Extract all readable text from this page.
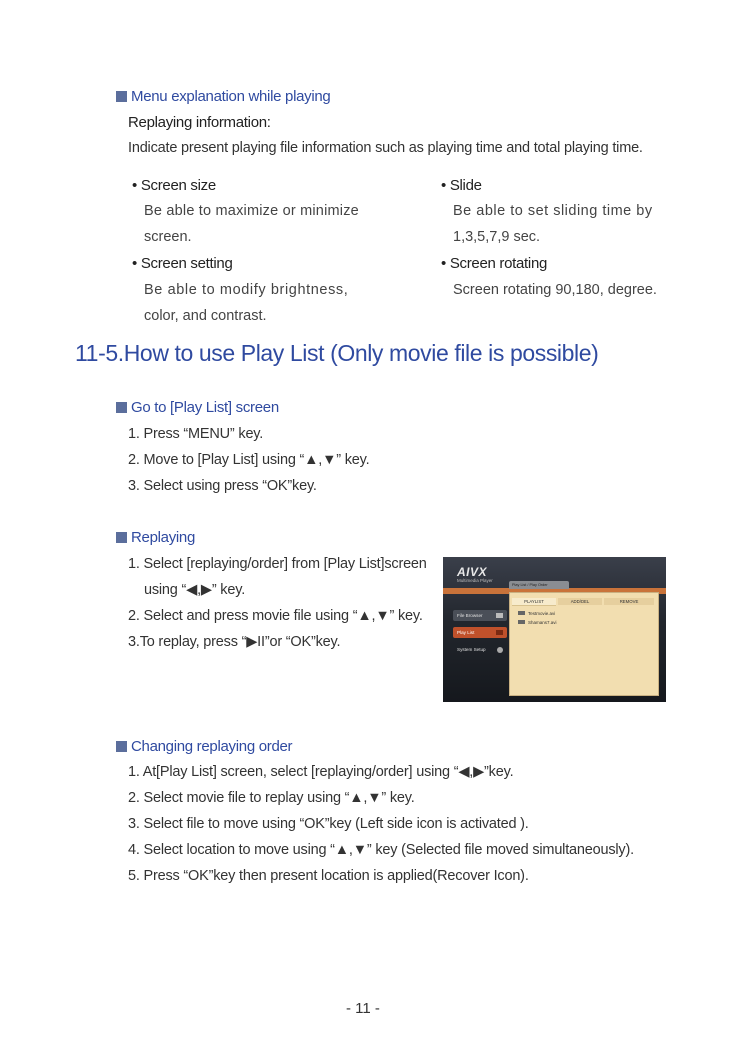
Menu explanation while playing
Replaying information:
Indicate present playing file information such as playing time and total playing time.
• Screen size
Be able to maximize or minimize
screen.
• Screen setting
Be able to modify brightness,
color, and contrast.
• Slide
Be able to set sliding time by
1,3,5,7,9 sec.
• Screen rotating
Screen rotating 90,180, degree.
11-5.How to use Play List (Only movie file is possible)
Go to [Play List] screen
1. Press “MENU” key.
2. Move to [Play List] using “▲,▼” key.
3. Select using press “OK”key.
Replaying
1. Select [replaying/order] from [Play List]screen
using “◀,▶” key.
2. Select and press movie file using “▲,▼” key.
3.To replay, press “▶II”or “OK”key.
AIVX
Multimedia Player
Play List / Play Order
PLAYLIST	ADD/DEL	REMOVE
Testmovie.avi
Shamans7.avi
File Browser
Play List
System Setup
Changing replaying order
1. At[Play List] screen, select [replaying/order] using “◀,▶”key.
2. Select movie file to replay using “▲,▼” key.
3. Select file to move using “OK”key (Left side icon is activated ).
4. Select location to move using “▲,▼” key (Selected file moved simultaneously).
5. Press “OK”key then present location is applied(Recover Icon).
- 11 -
